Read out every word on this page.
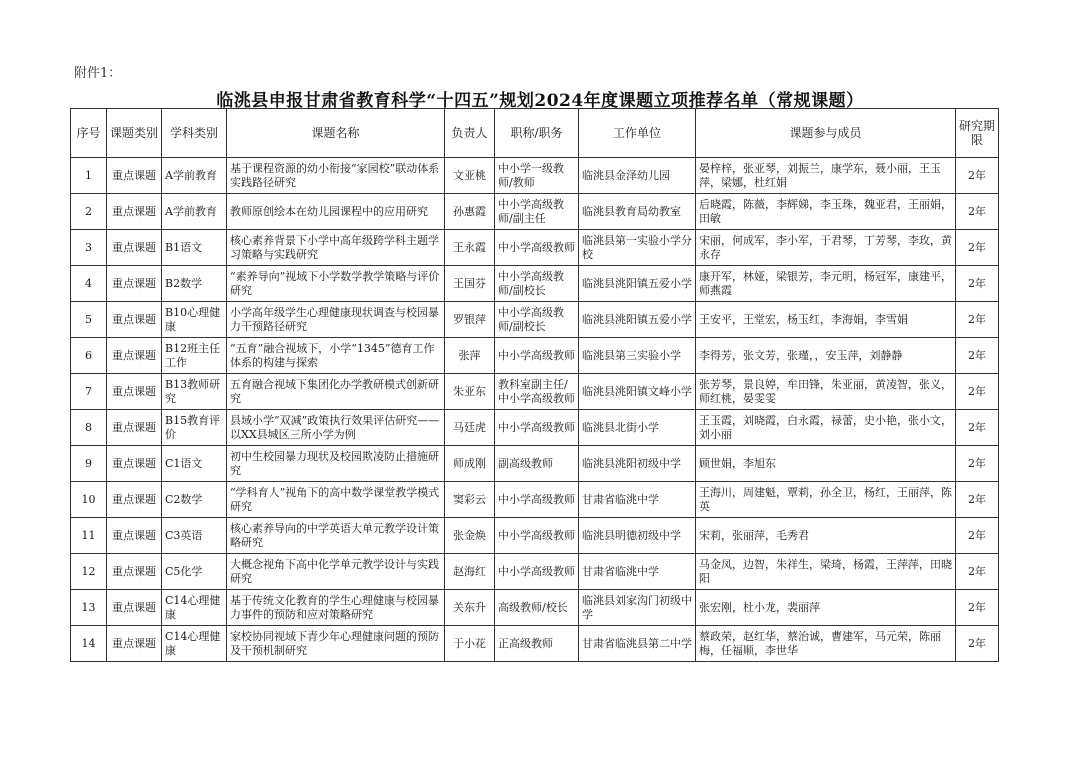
附件1：
临洮县申报甘肃省教育科学“十四五”规划2024年度课题立项推荐名单（常规课题）
序号	课题类别	学科类别	课题名称	负责人	职称/职务	工作单位	课题参与成员	研究期限
1	重点课题	A学前教育	基于课程资源的幼小衔接“家园校”联动体系实践路径研究	文亚桃	中小学一级教师/教师	临洮县金泽幼儿园	晏梓梓，张亚琴，刘振兰，康学东，聂小丽，王玉萍，梁娜，杜红娟	2年
2	重点课题	A学前教育	教师原创绘本在幼儿园课程中的应用研究	孙惠霞	中小学高级教师/副主任	临洮县教育局幼教室	后晓霞，陈薇，李辉娣，李玉珠，魏亚君，王丽娟，田敏	2年
3	重点课题	B1语文	核心素养背景下小学中高年级跨学科主题学习策略与实践研究	王永霞	中小学高级教师	临洮县第一实验小学分校	宋丽，何成军，李小军，于君琴，丁芳琴，李玫，黄永存	2年
4	重点课题	B2数学	“素养导向”视域下小学数学教学策略与评价研究	王国芬	中小学高级教师/副校长	临洮县洮阳镇五爱小学	康开军，林娅，梁银芳，李元明，杨冠军，康建平，师燕霞	2年
5	重点课题	B10心理健康	小学高年级学生心理健康现状调查与校园暴力干预路径研究	罗银萍	中小学高级教师/副校长	临洮县洮阳镇五爱小学	王安平，王堂宏，杨玉红，李海娟，李雪娟	2年
6	重点课题	B12班主任工作	“五育”融合视域下，小学“1345”德育工作体系的构建与探索	张萍	中小学高级教师	临洮县第三实验小学	李得芳，张文芳，张瑾，，安玉萍，刘静静	2年
7	重点课题	B13教师研究	五育融合视域下集团化办学教研模式创新研究	朱亚东	教科室副主任/中小学高级教师	临洮县洮阳镇文峰小学	张芳琴，景良婷，牟田锋，朱亚丽，黄凌智，张义，师红桃，晏雯雯	2年
8	重点课题	B15教育评价	县域小学“双减”政策执行效果评估研究——以XX县城区三所小学为例	马廷虎	中小学高级教师	临洮县北街小学	王玉霞，刘晓霞，白永霞，禄蕾，史小艳，张小文，刘小丽	2年
9	重点课题	C1语文	初中生校园暴力现状及校园欺凌防止措施研究	师成刚	副高级教师	临洮县洮阳初级中学	顾世娟，李旭东	2年
10	重点课题	C2数学	“学科育人”视角下的高中数学课堂教学模式研究	窦彩云	中小学高级教师	甘肃省临洮中学	王海川，周建魁，覃莉，孙全卫，杨红，王丽萍，陈英	2年
11	重点课题	C3英语	核心素养导向的中学英语大单元教学设计策略研究	张金焕	中小学高级教师	临洮县明德初级中学	宋莉，张丽萍，毛秀君	2年
12	重点课题	C5化学	大概念视角下高中化学单元教学设计与实践研究	赵海红	中小学高级教师	甘肃省临洮中学	马金凤，边智，朱祥生，梁琦，杨霞，王萍萍，田晓阳	2年
13	重点课题	C14心理健康	基于传统文化教育的学生心理健康与校园暴力事件的预防和应对策略研究	关东升	高级教师/校长	临洮县刘家沟门初级中学	张宏刚，杜小龙，裴丽萍	2年
14	重点课题	C14心理健康	家校协同视域下青少年心理健康问题的预防及干预机制研究	于小花	正高级教师	甘肃省临洮县第二中学	蔡政荣，赵红华，蔡治诚，曹建军，马元荣，陈丽梅，任福顺，李世华	2年
